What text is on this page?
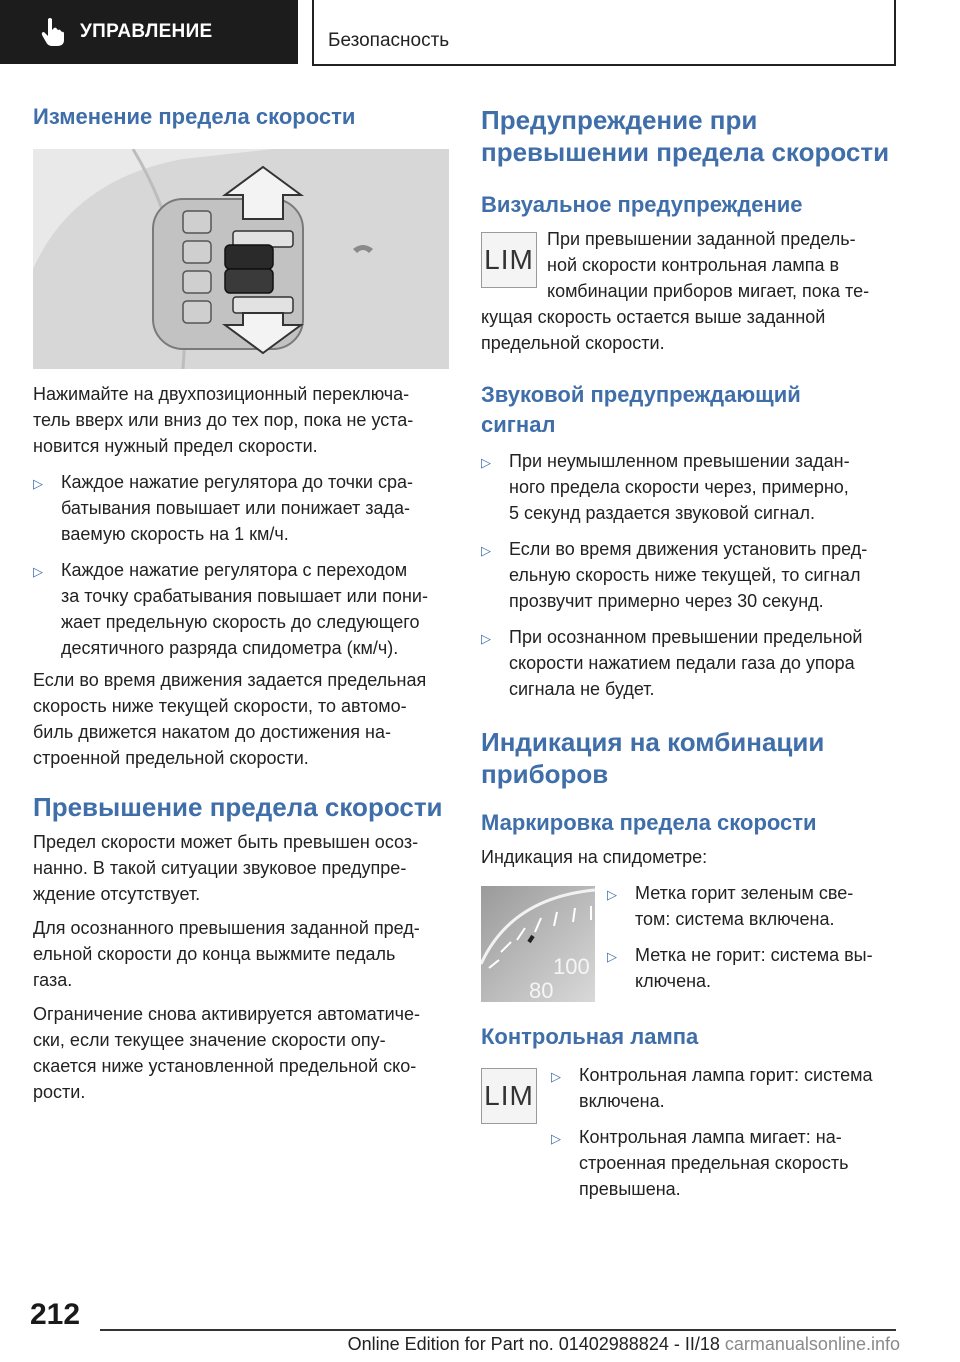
УПРАВЛЕНИЕ	Безопасность
Изменение предела скорости
Нажимайте на двухпозиционный переключа-
тель вверх или вниз до тех пор, пока не уста-
новится нужный предел скорости.
▷	Каждое нажатие регулятора до точки сра-
батывания повышает или понижает зада-
ваемую скорость на 1 км/ч.
▷	Каждое нажатие регулятора с переходом
за точку срабатывания повышает или пони-
жает предельную скорость до следующего
десятичного разряда спидометра (км/ч).
Если во время движения задается предельная
скорость ниже текущей скорости, то автомо-
биль движется накатом до достижения на-
строенной предельной скорости.
Превышение предела скорости
Предел скорости может быть превышен осоз-
нанно. В такой ситуации звуковое предупре-
ждение отсутствует.
Для осознанного превышения заданной пред-
ельной скорости до конца выжмите педаль
газа.
Ограничение снова активируется автоматиче-
ски, если текущее значение скорости опу-
скается ниже установленной предельной ско-
рости.
Предупреждение при
превышении предела скорости
Визуальное предупреждение
LIM
При превышении заданной предель-
ной скорости контрольная лампа в
комбинации приборов мигает, пока те-
кущая скорость остается выше заданной
предельной скорости.
Звуковой предупреждающий
сигнал
▷	При неумышленном превышении задан-
ного предела скорости через, примерно,
5 секунд раздается звуковой сигнал.
▷	Если во время движения установить пред-
ельную скорость ниже текущей, то сигнал
прозвучит примерно через 30 секунд.
▷	При осознанном превышении предельной
скорости нажатием педали газа до упора
сигнала не будет.
Индикация на комбинации
приборов
Маркировка предела скорости
Индикация на спидометре:
100
80
▷	Метка горит зеленым све-
том: система включена.
▷	Метка не горит: система вы-
ключена.
Контрольная лампа
LIM
▷	Контрольная лампа горит: система
включена.
▷	Контрольная лампа мигает: на-
строенная предельная скорость
превышена.
212
Online Edition for Part no. 01402988824 - II/18 carmanualsonline.info
